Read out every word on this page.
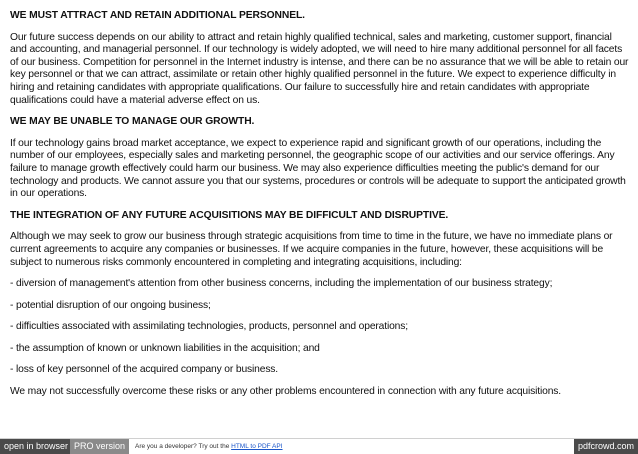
WE MUST ATTRACT AND RETAIN ADDITIONAL PERSONNEL.
Our future success depends on our ability to attract and retain highly qualified technical, sales and marketing, customer support, financial and accounting, and managerial personnel. If our technology is widely adopted, we will need to hire many additional personnel for all facets of our business. Competition for personnel in the Internet industry is intense, and there can be no assurance that we will be able to retain our key personnel or that we can attract, assimilate or retain other highly qualified personnel in the future. We expect to experience difficulty in hiring and retaining candidates with appropriate qualifications. Our failure to successfully hire and retain candidates with appropriate qualifications could have a material adverse effect on us.
WE MAY BE UNABLE TO MANAGE OUR GROWTH.
If our technology gains broad market acceptance, we expect to experience rapid and significant growth of our operations, including the number of our employees, especially sales and marketing personnel, the geographic scope of our activities and our service offerings. Any failure to manage growth effectively could harm our business. We may also experience difficulties meeting the public's demand for our technology and products. We cannot assure you that our systems, procedures or controls will be adequate to support the anticipated growth in our operations.
THE INTEGRATION OF ANY FUTURE ACQUISITIONS MAY BE DIFFICULT AND DISRUPTIVE.
Although we may seek to grow our business through strategic acquisitions from time to time in the future, we have no immediate plans or current agreements to acquire any companies or businesses. If we acquire companies in the future, however, these acquisitions will be subject to numerous risks commonly encountered in completing and integrating acquisitions, including:
- diversion of management's attention from other business concerns, including the implementation of our business strategy;
- potential disruption of our ongoing business;
- difficulties associated with assimilating technologies, products, personnel and operations;
- the assumption of known or unknown liabilities in the acquisition; and
- loss of key personnel of the acquired company or business.
We may not successfully overcome these risks or any other problems encountered in connection with any future acquisitions.
open in browser PRO version	Are you a developer? Try out the HTML to PDF API	pdfcrowd.com
